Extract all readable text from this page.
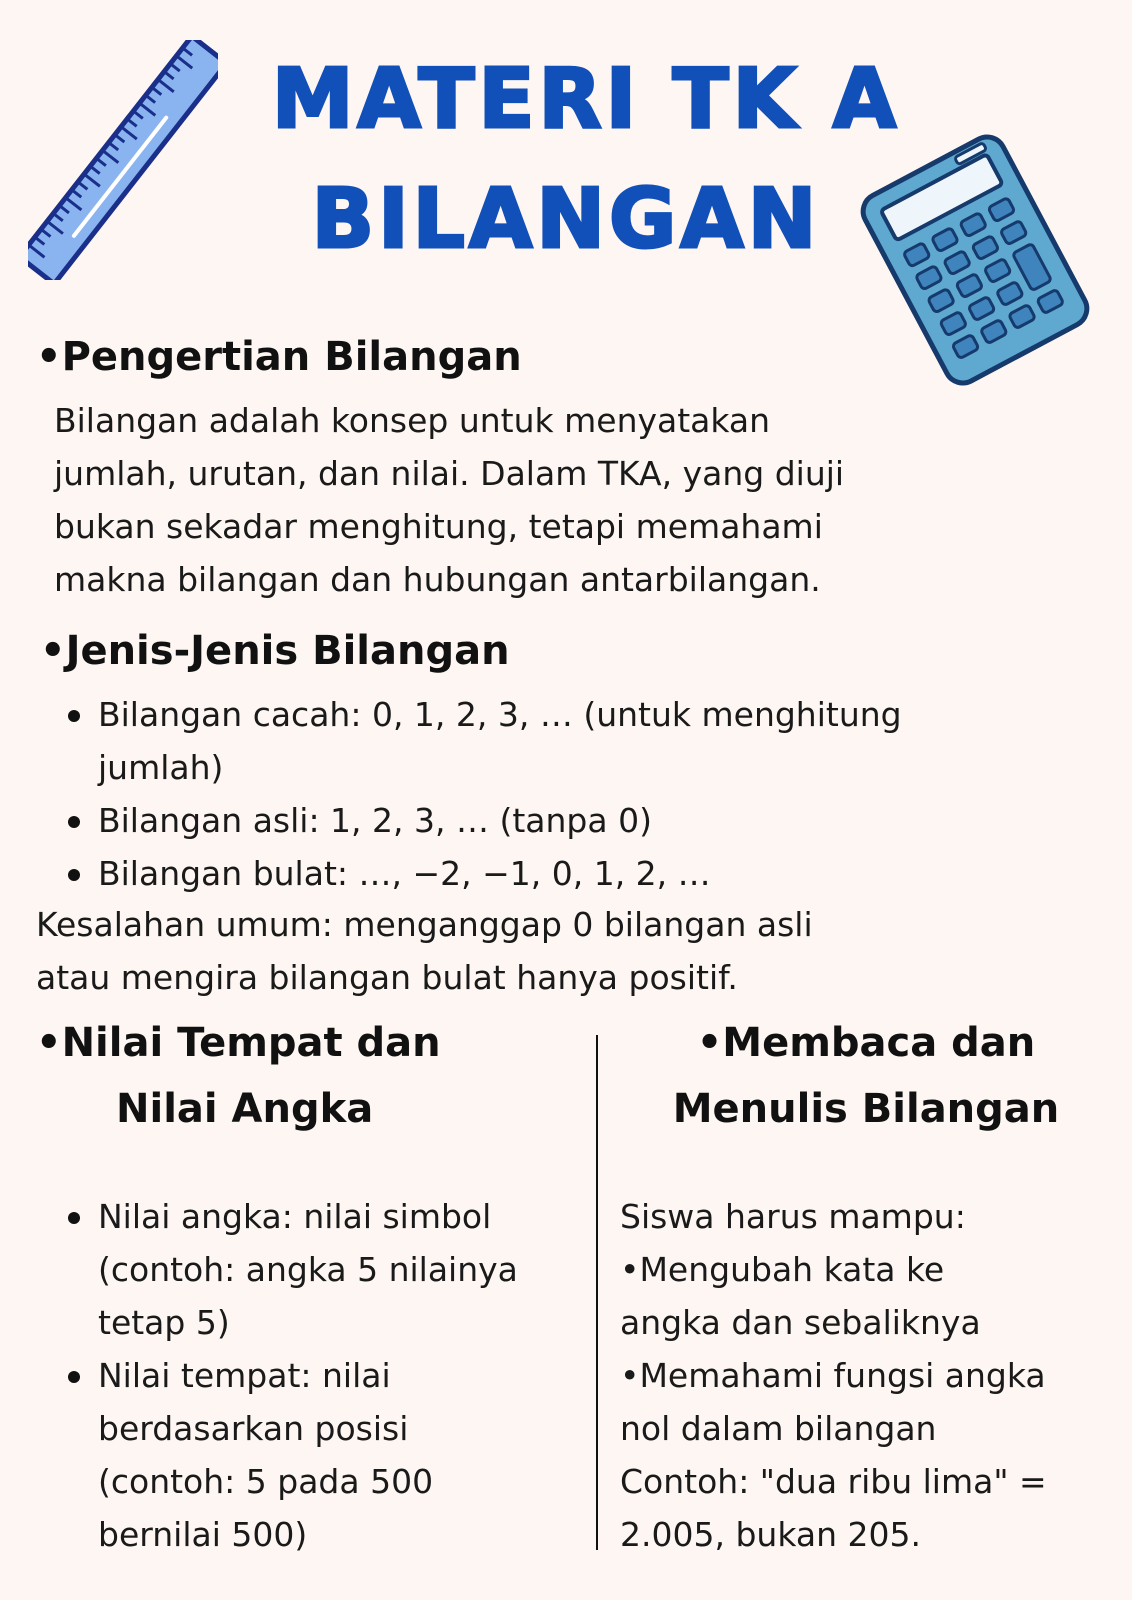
MATERI TK A
BILANGAN
•Pengertian Bilangan
Bilangan adalah konsep untuk menyatakan
jumlah, urutan, dan nilai. Dalam TKA, yang diuji
bukan sekadar menghitung, tetapi memahami
makna bilangan dan hubungan antarbilangan.
•Jenis-Jenis Bilangan
Bilangan cacah: 0, 1, 2, 3, … (untuk menghitung
jumlah)
Bilangan asli: 1, 2, 3, … (tanpa 0)
Bilangan bulat: …, −2, −1, 0, 1, 2, …
Kesalahan umum: menganggap 0 bilangan asli
atau mengira bilangan bulat hanya positif.
•Nilai Tempat dan
Nilai Angka
Nilai angka: nilai simbol
(contoh: angka 5 nilainya
tetap 5)
Nilai tempat: nilai
berdasarkan posisi
(contoh: 5 pada 500
bernilai 500)
•Membaca dan
Menulis Bilangan
Siswa harus mampu:
•Mengubah kata ke
angka dan sebaliknya
•Memahami fungsi angka
nol dalam bilangan
Contoh: "dua ribu lima" =
2.005, bukan 205.
